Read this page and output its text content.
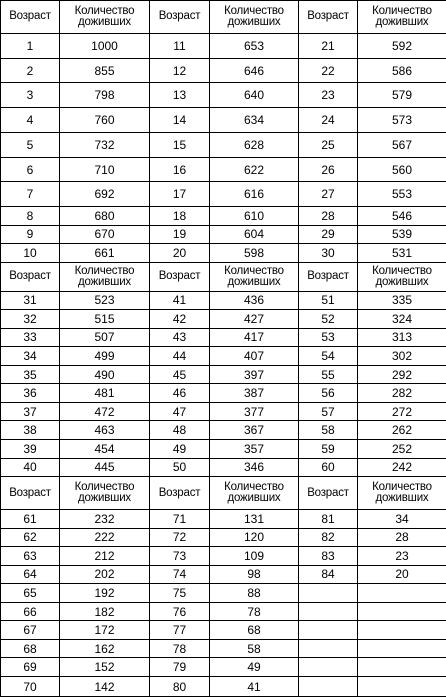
Возраст	Количество доживших	Возраст	Количество доживших	Возраст	Количество доживших
1	1000	11	653	21	592
2	855	12	646	22	586
3	798	13	640	23	579
4	760	14	634	24	573
5	732	15	628	25	567
6	710	16	622	26	560
7	692	17	616	27	553
8	680	18	610	28	546
9	670	19	604	29	539
10	661	20	598	30	531
Возраст	Количество доживших	Возраст	Количество доживших	Возраст	Количество доживших
31	523	41	436	51	335
32	515	42	427	52	324
33	507	43	417	53	313
34	499	44	407	54	302
35	490	45	397	55	292
36	481	46	387	56	282
37	472	47	377	57	272
38	463	48	367	58	262
39	454	49	357	59	252
40	445	50	346	60	242
Возраст	Количество доживших	Возраст	Количество доживших	Возраст	Количество доживших
61	232	71	131	81	34
62	222	72	120	82	28
63	212	73	109	83	23
64	202	74	98	84	20
65	192	75	88		
66	182	76	78		
67	172	77	68		
68	162	78	58		
69	152	79	49		
70	142	80	41		
